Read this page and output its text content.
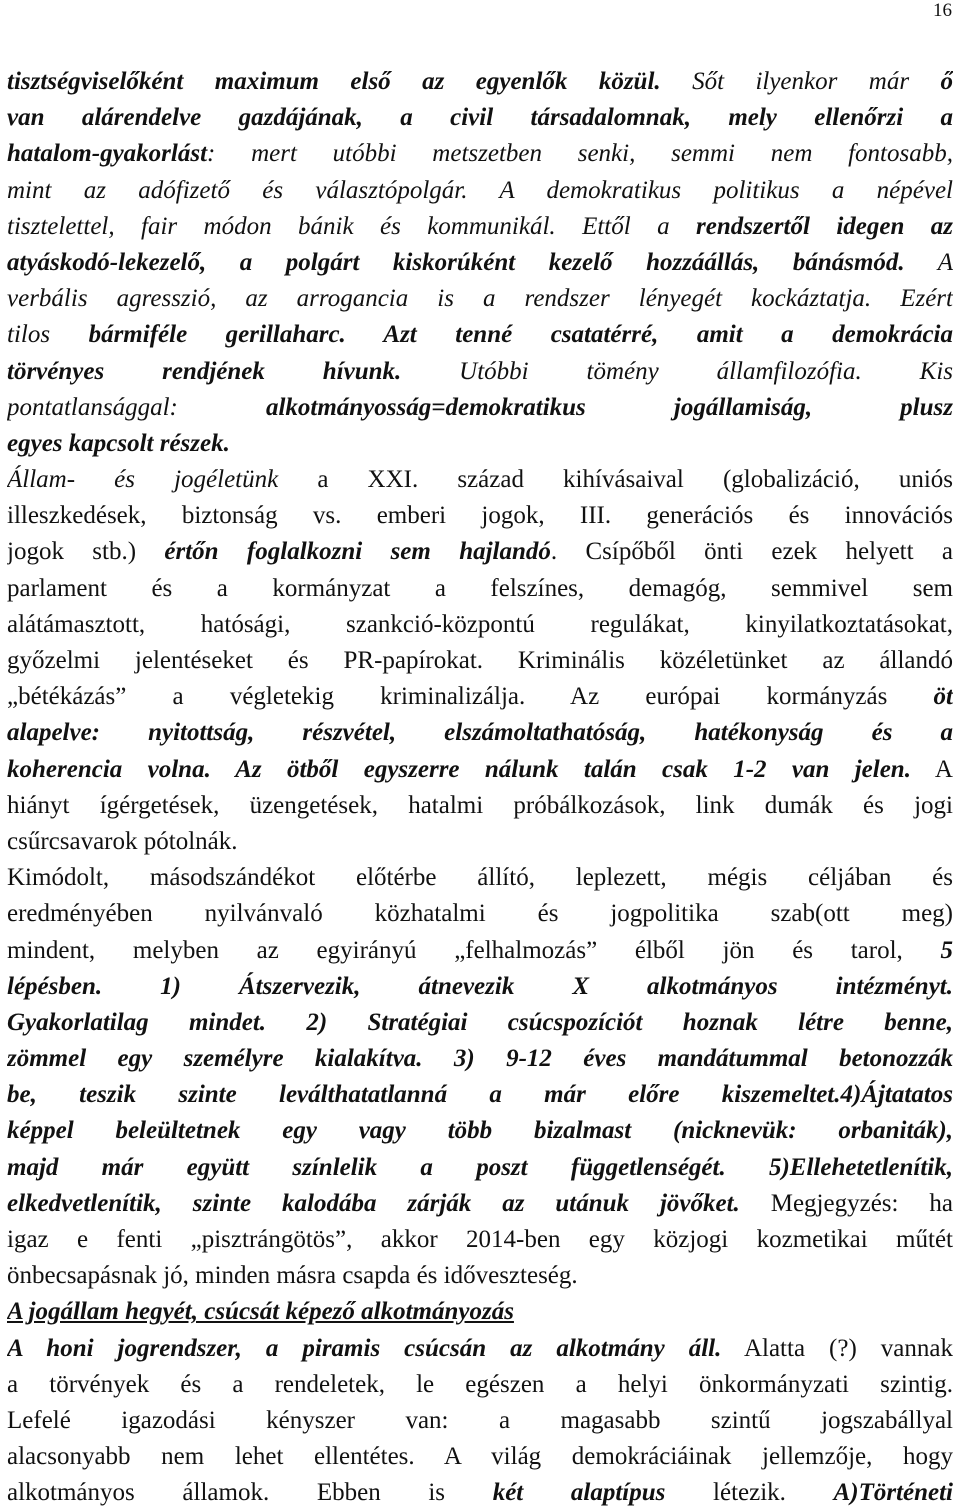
16
tisztségviselőként maximum első az egyenlők közül. Sőt ilyenkor már ő
van alárendelve gazdájának, a civil társadalomnak, mely ellenőrzi a
hatalom-gyakorlást: mert utóbbi metszetben senki, semmi nem fontosabb,
mint az adófizető és választópolgár. A demokratikus politikus a népével
tisztelettel, fair módon bánik és kommunikál. Ettől a rendszertől idegen az
atyáskodó-lekezelő, a polgárt kiskorúként kezelő hozzáállás, bánásmód. A
verbális agresszió, az arrogancia is a rendszer lényegét kockáztatja. Ezért
tilos bármiféle gerillaharc. Azt tenné csatatérré, amit a demokrácia
törvényes rendjének hívunk. Utóbbi tömény államfilozófia. Kis
pontatlansággal: alkotmányosság=demokratikus jogállamiság, plusz
egyes kapcsolt részek.
Állam- és jogéletünk a XXI. század kihívásaival (globalizáció, uniós
illeszkedések, biztonság vs. emberi jogok, III. generációs és innovációs
jogok stb.) értőn foglalkozni sem hajlandó. Csípőből önti ezek helyett a
parlament és a kormányzat a felszínes, demagóg, semmivel sem
alátámasztott, hatósági, szankció-központú regulákat, kinyilatkoztatásokat,
győzelmi jelentéseket és PR-papírokat. Kriminális közéletünket az állandó
„bétékázás” a végletekig kriminalizálja. Az európai kormányzás öt
alapelve: nyitottság, részvétel, elszámoltathatóság, hatékonyság és a
koherencia volna. Az ötből egyszerre nálunk talán csak 1-2 van jelen. A
hiányt ígérgetések, üzengetések, hatalmi próbálkozások, link dumák és jogi
csűrcsavarok pótolnák.
Kimódolt, másodszándékot előtérbe állító, leplezett, mégis céljában és
eredményében nyilvánvaló közhatalmi és jogpolitika szab(ott meg)
mindent, melyben az egyirányú „felhalmozás” élből jön és tarol, 5
lépésben. 1) Átszervezik, átnevezik X alkotmányos intézményt.
Gyakorlatilag mindet. 2) Stratégiai csúcspozíciót hoznak létre benne,
zömmel egy személyre kialakítva. 3) 9-12 éves mandátummal betonozzák
be, teszik szinte leválthatatlanná a már előre kiszemeltet.4)Ájtatatos
képpel beleültetnek egy vagy több bizalmast (nicknevük: orbaniták),
majd már együtt színlelik a poszt függetlenségét. 5)Ellehetetlenítik,
elkedvetlenítik, szinte kalodába zárják az utánuk jövőket. Megjegyzés: ha
igaz e fenti „pisztrángötös”, akkor 2014-ben egy közjogi kozmetikai műtét
önbecsapásnak jó, minden másra csapda és időveszteség.
A jogállam hegyét, csúcsát képező alkotmányozás
A honi jogrendszer, a piramis csúcsán az alkotmány áll. Alatta (?) vannak
a törvények és a rendeletek, le egészen a helyi önkormányzati szintig.
Lefelé igazodási kényszer van: a magasabb szintű jogszabállyal
alacsonyabb nem lehet ellentétes. A világ demokráciáinak jellemzője, hogy
alkotmányos államok. Ebben is két alaptípus létezik. A)Történeti
